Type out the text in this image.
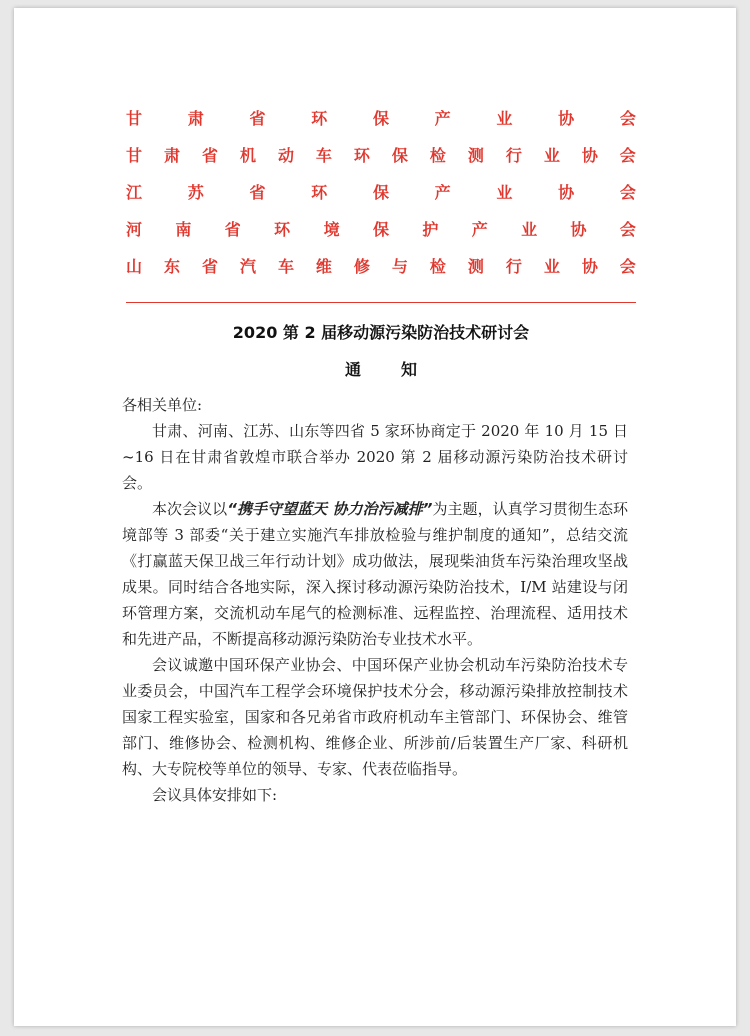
甘	肃	省	环	保	产	业	协	会
甘 肃 省 机 动 车 环 保 检 测 行 业 协 会
江	苏	省	环	保	产	业	协	会
河 南 省 环 境 保 护 产 业 协 会
山 东 省 汽 车 维 修 与 检 测 行 业 协 会
2020 第 2 届移动源污染防治技术研讨会
通	知

各相关单位:

甘肃、河南、江苏、山东等四省 5 家环协商定于 2020 年 10 月 15 日~16 日在甘肃省敦煌市联合举办 2020 第 2 届移动源污染防治技术研讨会。

本次会议以“携手守望蓝天 协力治污减排”为主题，认真学习贯彻生态环境部等 3 部委“关于建立实施汽车排放检验与维护制度的通知”，总结交流《打赢蓝天保卫战三年行动计划》成功做法，展现柴油货车污染治理攻坚战成果。同时结合各地实际，深入探讨移动源污染防治技术，I/M 站建设与闭环管理方案，交流机动车尾气的检测标准、远程监控、治理流程、适用技术和先进产品，不断提高移动源污染防治专业技术水平。

会议诚邀中国环保产业协会、中国环保产业协会机动车污染防治技术专业委员会，中国汽车工程学会环境保护技术分会，移动源污染排放控制技术国家工程实验室，国家和各兄弟省市政府机动车主管部门、环保协会、维管部门、维修协会、检测机构、维修企业、所涉前/后装置生产厂家、科研机构、大专院校等单位的领导、专家、代表莅临指导。

会议具体安排如下:
